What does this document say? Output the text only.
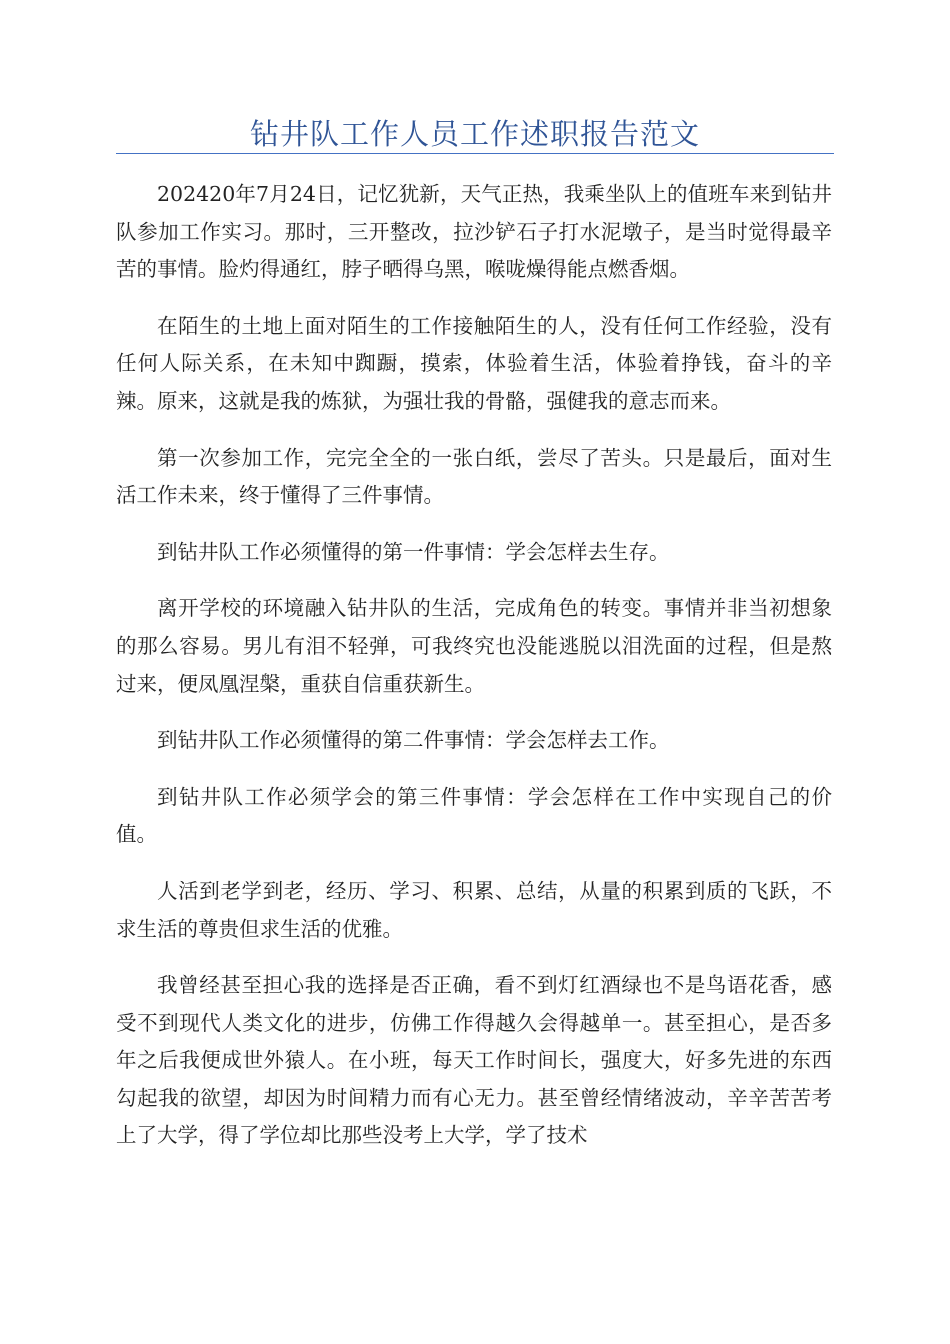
钻井队工作人员工作述职报告范文

202420年7月24日，记忆犹新，天气正热，我乘坐队上的值班车来到钻井队参加工作实习。那时，三开整改，拉沙铲石子打水泥墩子，是当时觉得最辛苦的事情。脸灼得通红，脖子晒得乌黑，喉咙燥得能点燃香烟。

在陌生的土地上面对陌生的工作接触陌生的人，没有任何工作经验，没有任何人际关系，在未知中踟蹰，摸索，体验着生活，体验着挣钱，奋斗的辛辣。原来，这就是我的炼狱，为强壮我的骨骼，强健我的意志而来。

第一次参加工作，完完全全的一张白纸，尝尽了苦头。只是最后，面对生活工作未来，终于懂得了三件事情。

到钻井队工作必须懂得的第一件事情：学会怎样去生存。

离开学校的环境融入钻井队的生活，完成角色的转变。事情并非当初想象的那么容易。男儿有泪不轻弹，可我终究也没能逃脱以泪洗面的过程，但是熬过来，便凤凰涅槃，重获自信重获新生。

到钻井队工作必须懂得的第二件事情：学会怎样去工作。

到钻井队工作必须学会的第三件事情：学会怎样在工作中实现自己的价值。

人活到老学到老，经历、学习、积累、总结，从量的积累到质的飞跃，不求生活的尊贵但求生活的优雅。

我曾经甚至担心我的选择是否正确，看不到灯红酒绿也不是鸟语花香，感受不到现代人类文化的进步，仿佛工作得越久会得越单一。甚至担心，是否多年之后我便成世外猿人。在小班，每天工作时间长，强度大，好多先进的东西勾起我的欲望，却因为时间精力而有心无力。甚至曾经情绪波动，辛辛苦苦考上了大学，得了学位却比那些没考上大学，学了技术
